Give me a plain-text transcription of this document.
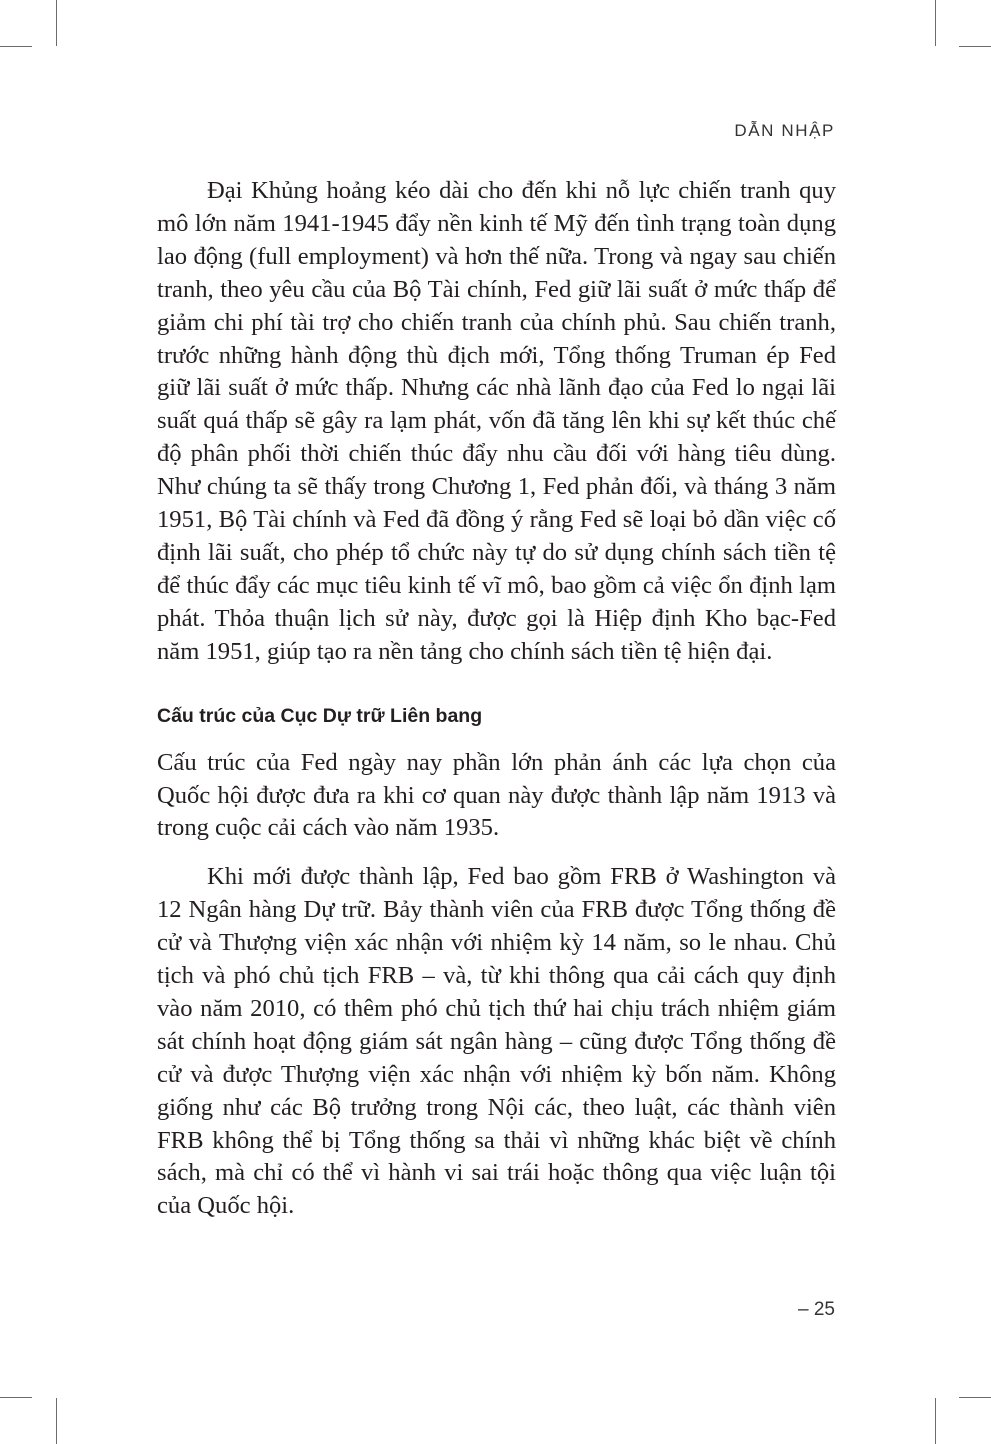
DẪN NHẬP

Đại Khủng hoảng kéo dài cho đến khi nỗ lực chiến tranh quy mô lớn năm 1941-1945 đẩy nền kinh tế Mỹ đến tình trạng toàn dụng lao động (full employment) và hơn thế nữa. Trong và ngay sau chiến tranh, theo yêu cầu của Bộ Tài chính, Fed giữ lãi suất ở mức thấp để giảm chi phí tài trợ cho chiến tranh của chính phủ. Sau chiến tranh, trước những hành động thù địch mới, Tổng thống Truman ép Fed giữ lãi suất ở mức thấp. Nhưng các nhà lãnh đạo của Fed lo ngại lãi suất quá thấp sẽ gây ra lạm phát, vốn đã tăng lên khi sự kết thúc chế độ phân phối thời chiến thúc đẩy nhu cầu đối với hàng tiêu dùng. Như chúng ta sẽ thấy trong Chương 1, Fed phản đối, và tháng 3 năm 1951, Bộ Tài chính và Fed đã đồng ý rằng Fed sẽ loại bỏ dần việc cố định lãi suất, cho phép tổ chức này tự do sử dụng chính sách tiền tệ để thúc đẩy các mục tiêu kinh tế vĩ mô, bao gồm cả việc ổn định lạm phát. Thỏa thuận lịch sử này, được gọi là Hiệp định Kho bạc-Fed năm 1951, giúp tạo ra nền tảng cho chính sách tiền tệ hiện đại.

Cấu trúc của Cục Dự trữ Liên bang

Cấu trúc của Fed ngày nay phần lớn phản ánh các lựa chọn của Quốc hội được đưa ra khi cơ quan này được thành lập năm 1913 và trong cuộc cải cách vào năm 1935.

Khi mới được thành lập, Fed bao gồm FRB ở Washington và 12 Ngân hàng Dự trữ. Bảy thành viên của FRB được Tổng thống đề cử và Thượng viện xác nhận với nhiệm kỳ 14 năm, so le nhau. Chủ tịch và phó chủ tịch FRB – và, từ khi thông qua cải cách quy định vào năm 2010, có thêm phó chủ tịch thứ hai chịu trách nhiệm giám sát chính hoạt động giám sát ngân hàng – cũng được Tổng thống đề cử và được Thượng viện xác nhận với nhiệm kỳ bốn năm. Không giống như các Bộ trưởng trong Nội các, theo luật, các thành viên FRB không thể bị Tổng thống sa thải vì những khác biệt về chính sách, mà chỉ có thể vì hành vi sai trái hoặc thông qua việc luận tội của Quốc hội.

– 25
